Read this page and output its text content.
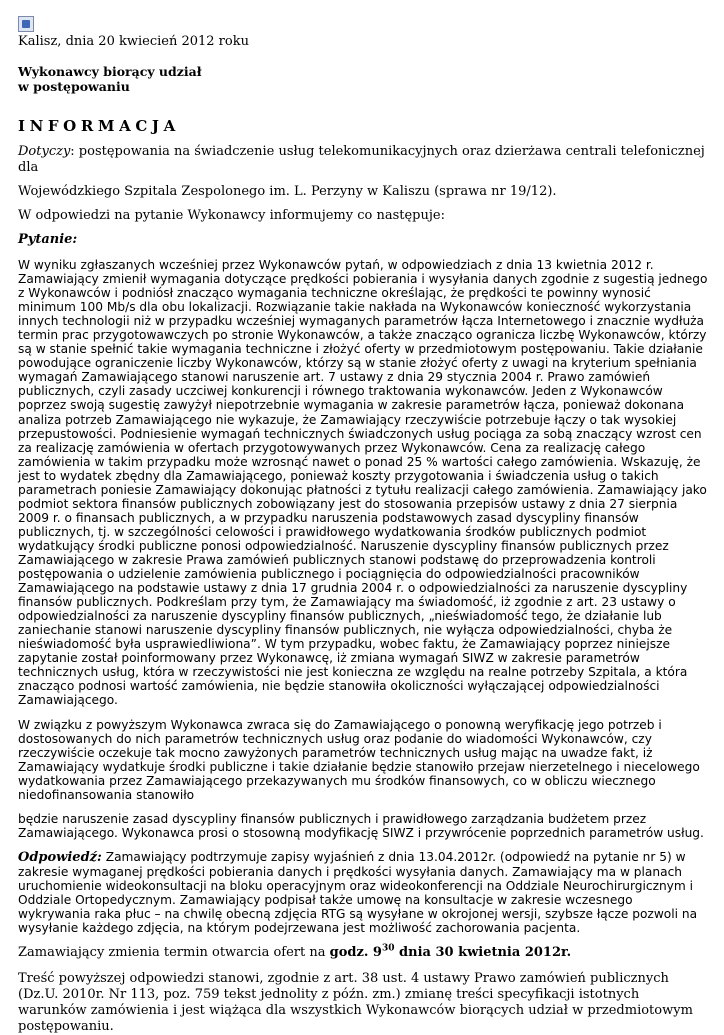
Kalisz, dnia 20 kwiecień 2012 roku

Wykonawcy biorący udział
w postępowaniu
INFORMACJA

Dotyczy: postępowania na świadczenie usług telekomunikacyjnych oraz dzierżawa centrali telefonicznej dla

Wojewódzkiego Szpitala Zespolonego im. L. Perzyny w Kaliszu (sprawa nr 19/12).

W odpowiedzi na pytanie Wykonawcy informujemy co następuje:

Pytanie:

W wyniku zgłaszanych wcześniej przez Wykonawców pytań, w odpowiedziach z dnia 13 kwietnia 2012 r. Zamawiający zmienił wymagania dotyczące prędkości pobierania i wysyłania danych zgodnie z sugestią jednego z Wykonawców i podniósł znacząco wymagania techniczne określając, że prędkości te powinny wynosić minimum 100 Mb/s dla obu lokalizacji. Rozwiązanie takie nakłada na Wykonawców konieczność wykorzystania innych technologii niż w przypadku wcześniej wymaganych parametrów łącza Internetowego i znacznie wydłuża termin prac przygotowawczych po stronie Wykonawców, a także znacząco ogranicza liczbę Wykonawców, którzy są w stanie spełnić takie wymagania techniczne i złożyć oferty w przedmiotowym postępowaniu. Takie działanie powodujące ograniczenie liczby Wykonawców, którzy są w stanie złożyć oferty z uwagi na kryterium spełniania wymagań Zamawiającego stanowi naruszenie art. 7 ustawy z dnia 29 stycznia 2004 r. Prawo zamówień publicznych, czyli zasady uczciwej konkurencji i równego traktowania wykonawców. Jeden z Wykonawców poprzez swoją sugestię zawyżył niepotrzebnie wymagania w zakresie parametrów łącza, ponieważ dokonana analiza potrzeb Zamawiającego nie wykazuje, że Zamawiający rzeczywiście potrzebuje łączy o tak wysokiej przepustowości. Podniesienie wymagań technicznych świadczonych usług pociąga za sobą znaczący wzrost cen za realizację zamówienia w ofertach przygotowywanych przez Wykonawców. Cena za realizację całego zamówienia w takim przypadku może wzrosnąć nawet o ponad 25 % wartości całego zamówienia. Wskazuję, że jest to wydatek zbędny dla Zamawiającego, ponieważ koszty przygotowania i świadczenia usług o takich parametrach poniesie Zamawiający dokonując płatności z tytułu realizacji całego zamówienia. Zamawiający jako podmiot sektora finansów publicznych zobowiązany jest do stosowania przepisów ustawy z dnia 27 sierpnia 2009 r. o finansach publicznych, a w przypadku naruszenia podstawowych zasad dyscypliny finansów publicznych, tj. w szczególności celowości i prawidłowego wydatkowania środków publicznych podmiot wydatkujący środki publiczne ponosi odpowiedzialność. Naruszenie dyscypliny finansów publicznych przez Zamawiającego w zakresie Prawa zamówień publicznych stanowi podstawę do przeprowadzenia kontroli postępowania o udzielenie zamówienia publicznego i pociągnięcia do odpowiedzialności pracowników Zamawiającego na podstawie ustawy z dnia 17 grudnia 2004 r. o odpowiedzialności za naruszenie dyscypliny finansów publicznych. Podkreślam przy tym, że Zamawiający ma świadomość, iż zgodnie z art. 23 ustawy o odpowiedzialności za naruszenie dyscypliny finansów publicznych, „nieświadomość tego, że działanie lub zaniechanie stanowi naruszenie dyscypliny finansów publicznych, nie wyłącza odpowiedzialności, chyba że nieświadomość była usprawiedliwiona”. W tym przypadku, wobec faktu, że Zamawiający poprzez niniejsze zapytanie został poinformowany przez Wykonawcę, iż zmiana wymagań SIWZ w zakresie parametrów technicznych usług, która w rzeczywistości nie jest konieczna ze względu na realne potrzeby Szpitala, a która znacząco podnosi wartość zamówienia, nie będzie stanowiła okoliczności wyłączającej odpowiedzialności Zamawiającego.

W związku z powyższym Wykonawca zwraca się do Zamawiającego o ponowną weryfikację jego potrzeb i dostosowanych do nich parametrów technicznych usług oraz podanie do wiadomości Wykonawców, czy rzeczywiście oczekuje tak mocno zawyżonych parametrów technicznych usług mając na uwadze fakt, iż Zamawiający wydatkuje środki publiczne i takie działanie będzie stanowiło przejaw nierzetelnego i niecelowego wydatkowania przez Zamawiającego przekazywanych mu środków finansowych, co w obliczu wiecznego niedofinansowania stanowiło

będzie naruszenie zasad dyscypliny finansów publicznych i prawidłowego zarządzania budżetem przez Zamawiającego. Wykonawca prosi o stosowną modyfikację SIWZ i przywrócenie poprzednich parametrów usług.

Odpowiedź: Zamawiający podtrzymuje zapisy wyjaśnień z dnia 13.04.2012r. (odpowiedź na pytanie nr 5) w zakresie wymaganej prędkości pobierania danych i prędkości wysyłania danych. Zamawiający ma w planach uruchomienie wideokonsultacji na bloku operacyjnym oraz wideokonferencji na Oddziale Neurochirurgicznym i Oddziale Ortopedycznym. Zamawiający podpisał także umowę na konsultacje w zakresie wczesnego wykrywania raka płuc – na chwilę obecną zdjęcia RTG są wysyłane w okrojonej wersji, szybsze łącze pozwoli na wysyłanie każdego zdjęcia, na którym podejrzewana jest możliwość zachorowania pacjenta.

Zamawiający zmienia termin otwarcia ofert na godz. $9^{30}$ dnia 30 kwietnia 2012r.

Treść powyższej odpowiedzi stanowi, zgodnie z art. 38 ust. 4 ustawy Prawo zamówień publicznych (Dz.U. 2010r. Nr 113, poz. 759 tekst jednolity z późn. zm.) zmianę treści specyfikacji istotnych warunków zamówienia i jest wiążąca dla wszystkich Wykonawców biorących udział w przedmiotowym postępowaniu.
